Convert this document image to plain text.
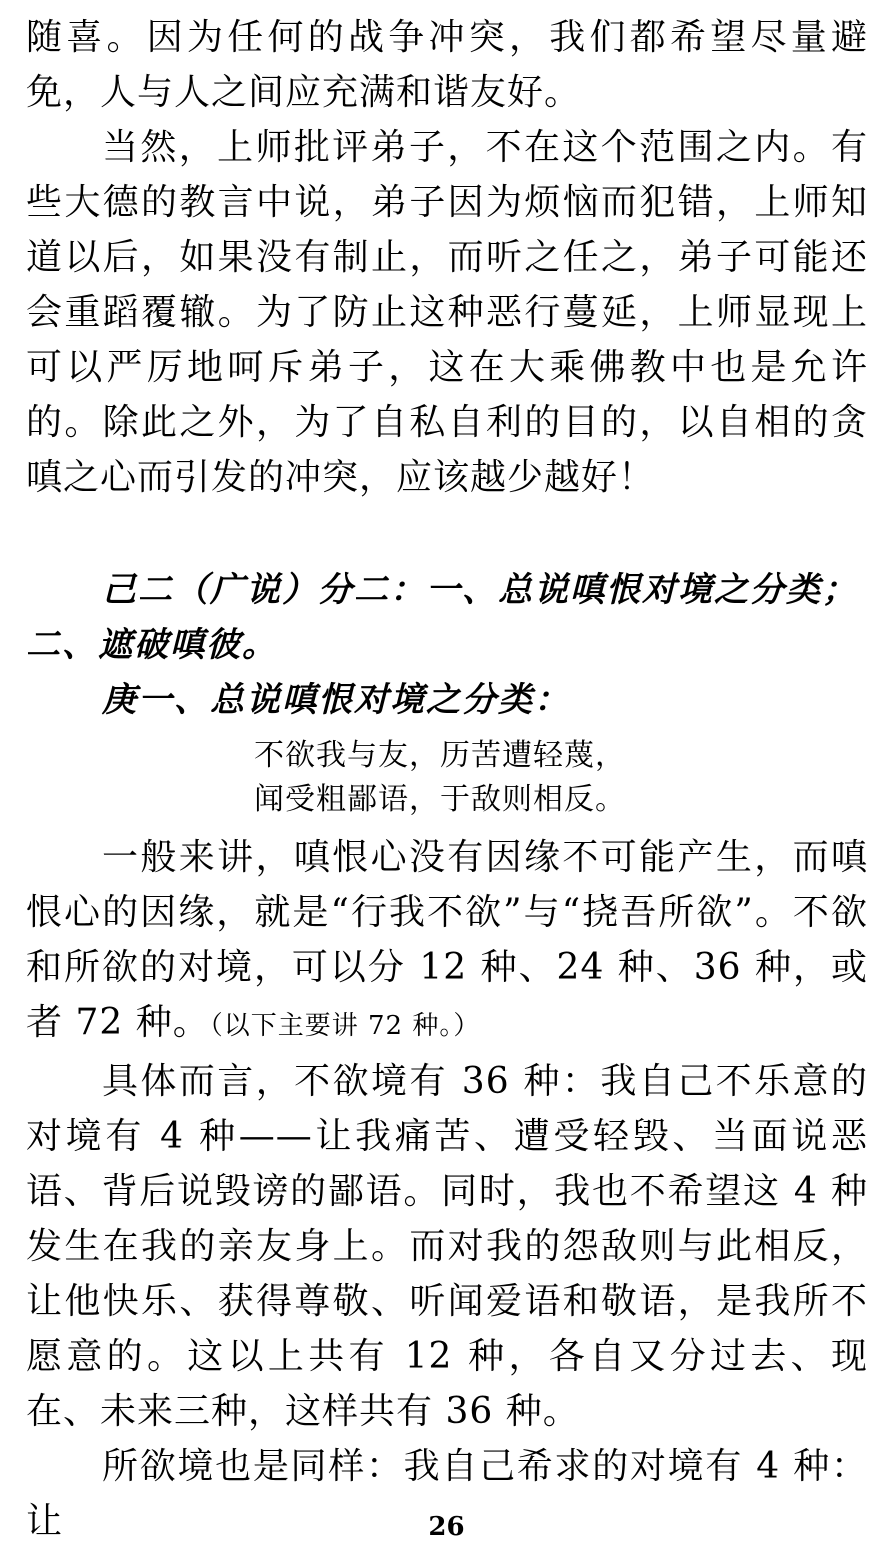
随喜。因为任何的战争冲突，我们都希望尽量避免，人与人之间应充满和谐友好。

当然，上师批评弟子，不在这个范围之内。有些大德的教言中说，弟子因为烦恼而犯错，上师知道以后，如果没有制止，而听之任之，弟子可能还会重蹈覆辙。为了防止这种恶行蔓延，上师显现上可以严厉地呵斥弟子，这在大乘佛教中也是允许的。除此之外，为了自私自利的目的，以自相的贪嗔之心而引发的冲突，应该越少越好！

己二（广说）分二：一、总说嗔恨对境之分类；二、遮破嗔彼。

庚一、总说嗔恨对境之分类：

不欲我与友，历苦遭轻蔑，

闻受粗鄙语，于敌则相反。

一般来讲，嗔恨心没有因缘不可能产生，而嗔恨心的因缘，就是“行我不欲”与“挠吾所欲”。不欲和所欲的对境，可以分 12 种、24 种、36 种，或者 72 种。（以下主要讲 72 种。）

具体而言，不欲境有 36 种：我自己不乐意的对境有 4 种——让我痛苦、遭受轻毁、当面说恶语、背后说毁谤的鄙语。同时，我也不希望这 4 种发生在我的亲友身上。而对我的怨敌则与此相反，让他快乐、获得尊敬、听闻爱语和敬语，是我所不愿意的。这以上共有 12 种，各自又分过去、现在、未来三种，这样共有 36 种。

所欲境也是同样：我自己希求的对境有 4 种：让	26
